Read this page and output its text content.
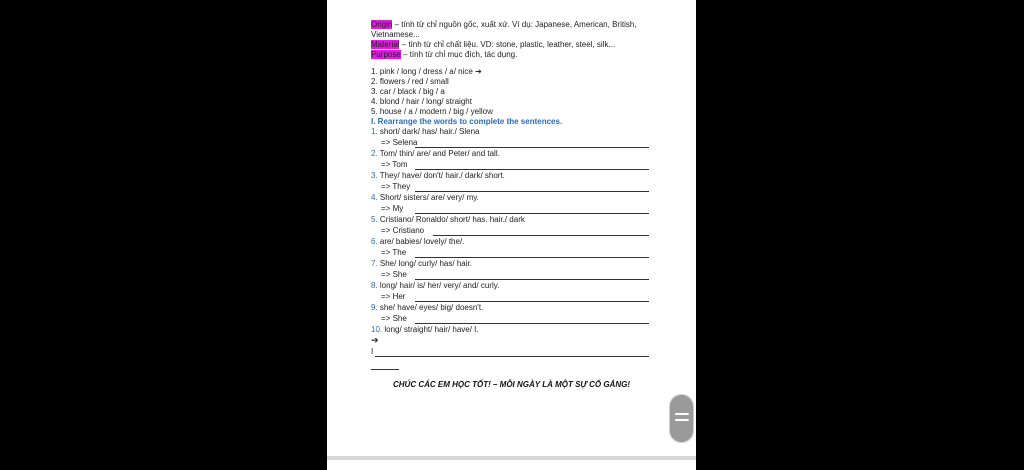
Origin – tính từ chỉ nguồn gốc, xuất xứ. Ví dụ: Japanese, American, British,
Vietnamese...
Material – tính từ chỉ chất liệu. VD: stone, plastic, leather, steel, silk...
Purpose – tính từ chỉ mục đích, tác dụng.
1. pink / long / dress / a/ nice ➔
2. flowers / red / small
3. car / black / big / a
4. blond / hair / long/ straight
5. house / a / modern / big / yellow
I. Rearrange the words to complete the sentences.
1. short/ dark/ has/ hair./ Slena
=> Selena
2. Tom/ thin/ are/ and Peter/ and tall.
=> Tom
3. They/ have/ don't/ hair./ dark/ short.
=> They
4. Short/ sisters/ are/ very/ my.
=> My
5. Cristiano/ Ronaldo/ short/ has. hair./ dark
=> Cristiano
6. are/ babies/ lovely/ the/.
=> The
7. She/ long/ curly/ has/ hair.
=> She
8. long/ hair/ is/ her/ very/ and/ curly.
=> Her
9. she/ have/ eyes/ big/ doesn't.
=> She
10. long/ straight/ hair/ have/ I.
➔
I
CHÚC CÁC EM HỌC TỐT! – MỖI NGÀY LÀ MỘT SỰ CỐ GẮNG!
